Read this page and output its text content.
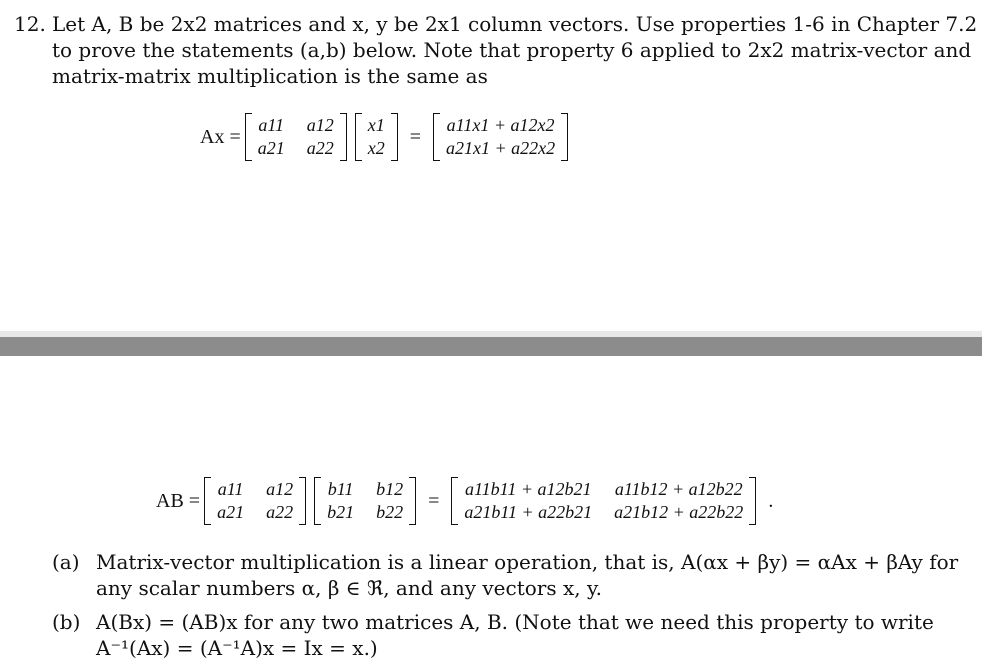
12. Let A, B be 2x2 matrices and x, y be 2x1 column vectors. Use properties 1-6 in Chapter 7.2
to prove the statements (a,b) below. Note that property 6 applied to 2x2 matrix-vector and
matrix-matrix multiplication is the same as
Ax =
a11 a12
a21 a22
x1
x2
=
a11x1 + a12x2
a21x1 + a22x2
AB =
a11 a12
a21 a22
b11 b12
b21 b22
=
a11b11 + a12b21 a11b12 + a12b22
a21b11 + a22b21 a21b12 + a22b22
.
(a) Matrix-vector multiplication is a linear operation, that is, A(αx + βy) = αAx + βAy for
any scalar numbers α, β ∈ ℜ, and any vectors x, y.
(b) A(Bx) = (AB)x for any two matrices A, B. (Note that we need this property to write
A⁻¹(Ax) = (A⁻¹A)x = Ix = x.)
